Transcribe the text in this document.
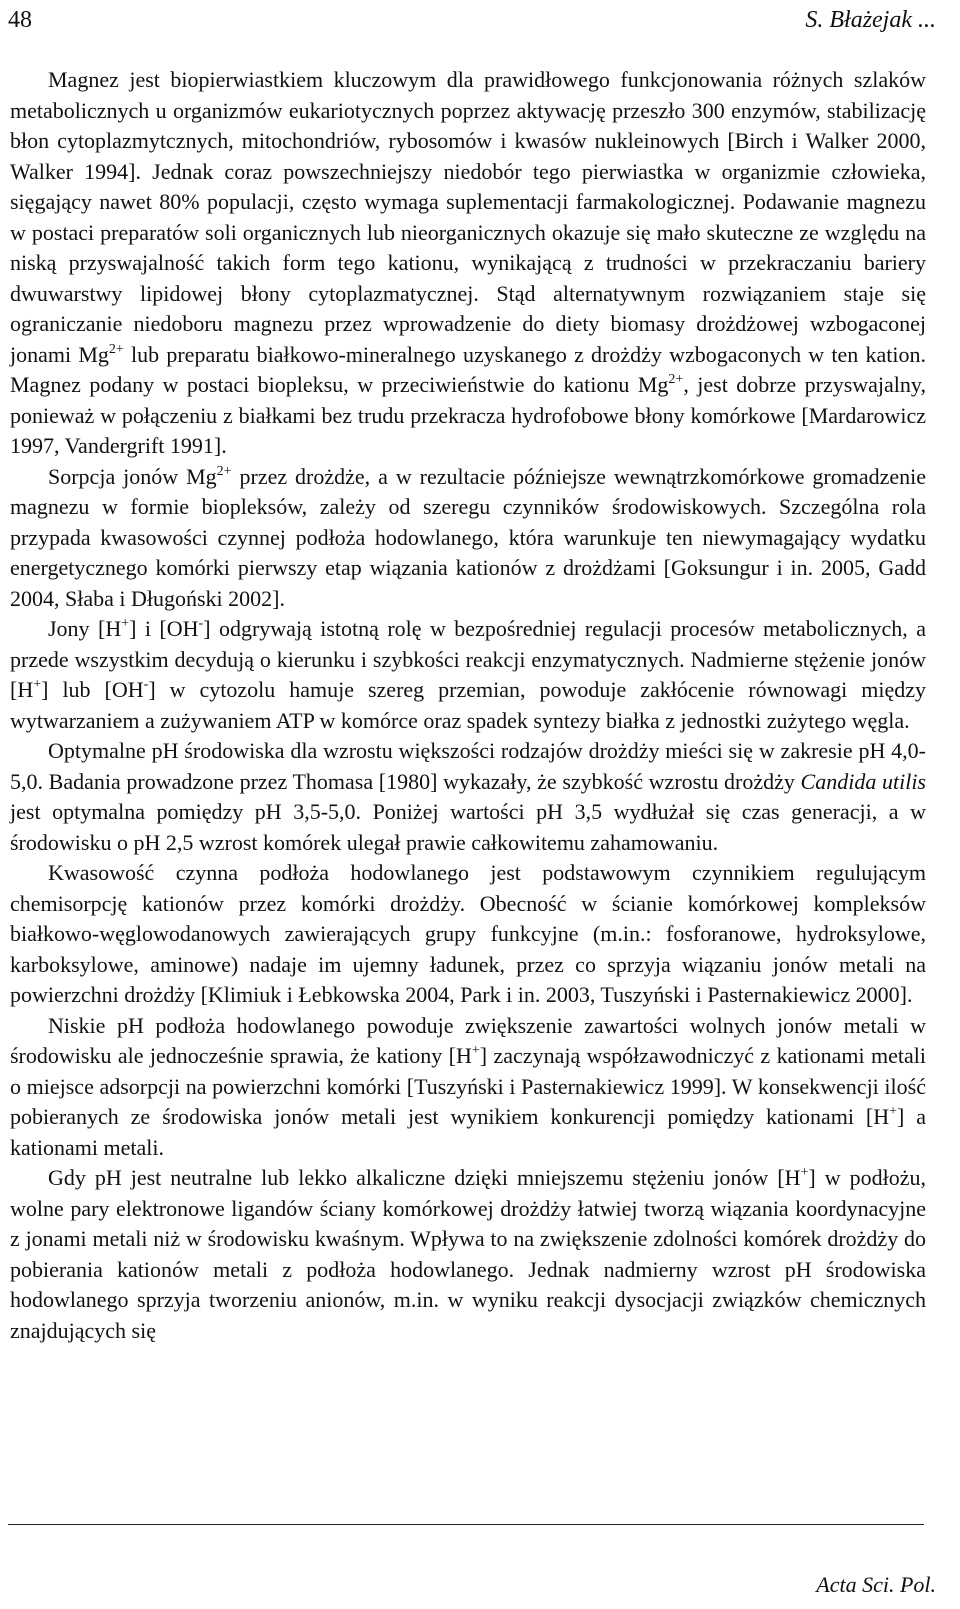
48	S. Błażejak ...

Magnez jest biopierwiastkiem kluczowym dla prawidłowego funkcjonowania różnych szlaków metabolicznych u organizmów eukariotycznych poprzez aktywację przeszło 300 enzymów, stabilizację błon cytoplazmytcznych, mitochondriów, rybosomów i kwasów nukleinowych [Birch i Walker 2000, Walker 1994]. Jednak coraz powszechniejszy niedobór tego pierwiastka w organizmie człowieka, sięgający nawet 80% populacji, często wymaga suplementacji farmakologicznej. Podawanie magnezu w postaci preparatów soli organicznych lub nieorganicznych okazuje się mało skuteczne ze względu na niską przyswajalność takich form tego kationu, wynikającą z trudności w przekraczaniu bariery dwuwarstwy lipidowej błony cytoplazmatycznej. Stąd alternatywnym rozwiązaniem staje się ograniczanie niedoboru magnezu przez wprowadzenie do diety biomasy drożdżowej wzbogaconej jonami $Mg^{2+}$ lub preparatu białkowo-mineralnego uzyskanego z drożdży wzbogaconych w ten kation. Magnez podany w postaci biopleksu, w przeciwieństwie do kationu $Mg^{2+}$, jest dobrze przyswajalny, ponieważ w połączeniu z białkami bez trudu przekracza hydrofobowe błony komórkowe [Mardarowicz 1997, Vandergrift 1991].

Sorpcja jonów $Mg^{2+}$ przez drożdże, a w rezultacie późniejsze wewnątrzkomórkowe gromadzenie magnezu w formie biopleksów, zależy od szeregu czynników środowiskowych. Szczególna rola przypada kwasowości czynnej podłoża hodowlanego, która warunkuje ten niewymagający wydatku energetycznego komórki pierwszy etap wiązania kationów z drożdżami [Goksungur i in. 2005, Gadd 2004, Słaba i Długoński 2002].

Jony [H+] i [OH-] odgrywają istotną rolę w bezpośredniej regulacji procesów metabolicznych, a przede wszystkim decydują o kierunku i szybkości reakcji enzymatycznych. Nadmierne stężenie jonów [H+] lub [OH-] w cytozolu hamuje szereg przemian, powoduje zakłócenie równowagi między wytwarzaniem a zużywaniem ATP w komórce oraz spadek syntezy białka z jednostki zużytego węgla.

Optymalne pH środowiska dla wzrostu większości rodzajów drożdży mieści się w zakresie pH 4,0-5,0. Badania prowadzone przez Thomasa [1980] wykazały, że szybkość wzrostu drożdży Candida utilis jest optymalna pomiędzy pH 3,5-5,0. Poniżej wartości pH 3,5 wydłużał się czas generacji, a w środowisku o pH 2,5 wzrost komórek ulegał prawie całkowitemu zahamowaniu.

Kwasowość czynna podłoża hodowlanego jest podstawowym czynnikiem regulującym chemisorpcję kationów przez komórki drożdży. Obecność w ścianie komórkowej kompleksów białkowo-węglowodanowych zawierających grupy funkcyjne (m.in.: fosforanowe, hydroksylowe, karboksylowe, aminowe) nadaje im ujemny ładunek, przez co sprzyja wiązaniu jonów metali na powierzchni drożdży [Klimiuk i Łebkowska 2004, Park i in. 2003, Tuszyński i Pasternakiewicz 2000].

Niskie pH podłoża hodowlanego powoduje zwiększenie zawartości wolnych jonów metali w środowisku ale jednocześnie sprawia, że kationy [H+] zaczynają współzawodniczyć z kationami metali o miejsce adsorpcji na powierzchni komórki [Tuszyński i Pasternakiewicz 1999]. W konsekwencji ilość pobieranych ze środowiska jonów metali jest wynikiem konkurencji pomiędzy kationami [H+] a kationami metali.

Gdy pH jest neutralne lub lekko alkaliczne dzięki mniejszemu stężeniu jonów [H+] w podłożu, wolne pary elektronowe ligandów ściany komórkowej drożdży łatwiej tworzą wiązania koordynacyjne z jonami metali niż w środowisku kwaśnym. Wpływa to na zwiększenie zdolności komórek drożdży do pobierania kationów metali z podłoża hodowlanego. Jednak nadmierny wzrost pH środowiska hodowlanego sprzyja tworzeniu anionów, m.in. w wyniku reakcji dysocjacji związków chemicznych znajdujących się

Acta Sci. Pol.
